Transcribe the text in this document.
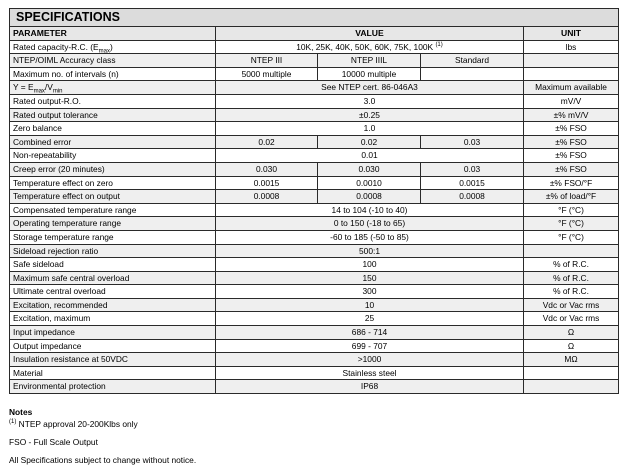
SPECIFICATIONS				
PARAMETER	VALUE			UNIT
Rated capacity-R.C. $(E_{max})$	10K, 25K, 40K, 50K, 60K, 75K, 100K $^{(1)}$			lbs
NTEP/OIML Accuracy class	NTEP III	NTEP IIIL	Standard	
Maximum no. of intervals (n)	5000 multiple	10000 multiple		
$Y = E_{max}/V_{min}$	See NTEP cert. 86-046A3			Maximum available
Rated output-R.O.	3.0			mV/V
Rated output tolerance	±0.25			±% mV/V
Zero balance	1.0			±% FSO
Combined error	0.02	0.02	0.03	±% FSO
Non-repeatability	0.01			±% FSO
Creep error (20 minutes)	0.030	0.030	0.03	±% FSO
Temperature effect on zero	0.0015	0.0010	0.0015	±% FSO/°F
Temperature effect on output	0.0008	0.0008	0.0008	±% of load/°F
Compensated temperature range	14 to 104 (-10 to 40)			°F (°C)
Operating temperature range	0 to 150 (-18 to 65)			°F (°C)
Storage temperature range	-60 to 185 (-50 to 85)			°F (°C)
Sideload rejection ratio	500:1			
Safe sideload	100			% of R.C.
Maximum safe central overload	150			% of R.C.
Ultimate central overload	300			% of R.C.
Excitation, recommended	10			Vdc or Vac rms
Excitation, maximum	25			Vdc or Vac rms
Input impedance	686 - 714			Ω
Output impedance	699 - 707			Ω
Insulation resistance at 50VDC	>1000			MΩ
Material	Stainless steel			
Environmental protection	IP68			
Notes
$^{(1)}$ NTEP approval 20-200Klbs only
FSO - Full Scale Output
All Specifications subject to change without notice.
